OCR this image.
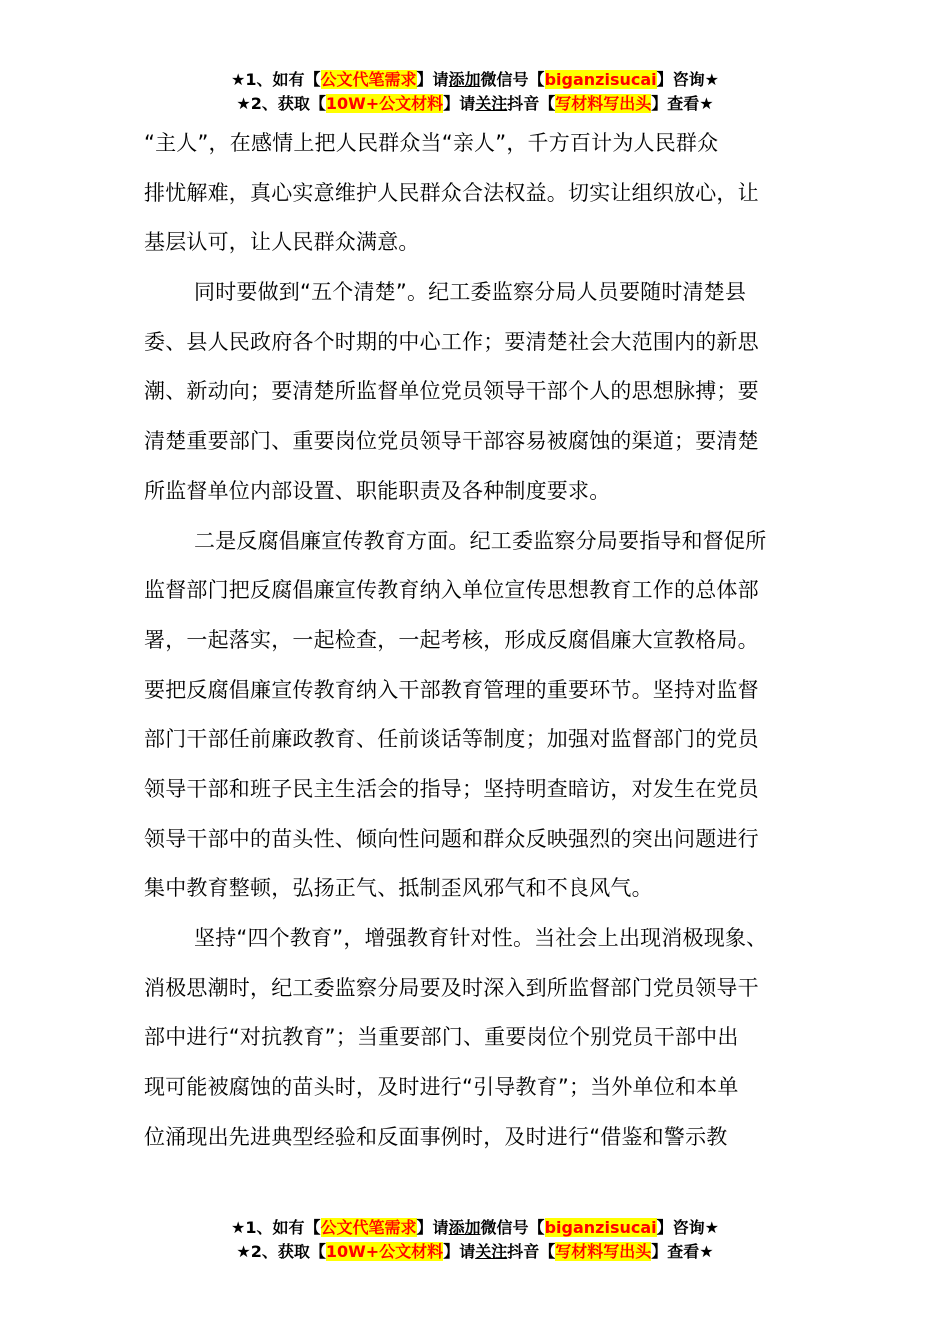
★1、如有【公文代笔需求】请添加微信号【biganzisucai】咨询★
★2、获取【10W+公文材料】请关注抖音【写材料写出头】查看★
“主人”，在感情上把人民群众当“亲人”，千方百计为人民群众
排忧解难，真心实意维护人民群众合法权益。切实让组织放心，让
基层认可，让人民群众满意。
同时要做到“五个清楚”。纪工委监察分局人员要随时清楚县
委、县人民政府各个时期的中心工作；要清楚社会大范围内的新思
潮、新动向；要清楚所监督单位党员领导干部个人的思想脉搏；要
清楚重要部门、重要岗位党员领导干部容易被腐蚀的渠道；要清楚
所监督单位内部设置、职能职责及各种制度要求。
二是反腐倡廉宣传教育方面。纪工委监察分局要指导和督促所
监督部门把反腐倡廉宣传教育纳入单位宣传思想教育工作的总体部
署，一起落实，一起检查，一起考核，形成反腐倡廉大宣教格局。
要把反腐倡廉宣传教育纳入干部教育管理的重要环节。坚持对监督
部门干部任前廉政教育、任前谈话等制度；加强对监督部门的党员
领导干部和班子民主生活会的指导；坚持明查暗访，对发生在党员
领导干部中的苗头性、倾向性问题和群众反映强烈的突出问题进行
集中教育整顿，弘扬正气、抵制歪风邪气和不良风气。
坚持“四个教育”，增强教育针对性。当社会上出现消极现象、
消极思潮时，纪工委监察分局要及时深入到所监督部门党员领导干
部中进行“对抗教育”；当重要部门、重要岗位个别党员干部中出
现可能被腐蚀的苗头时，及时进行“引导教育”；当外单位和本单
位涌现出先进典型经验和反面事例时，及时进行“借鉴和警示教
★1、如有【公文代笔需求】请添加微信号【biganzisucai】咨询★
★2、获取【10W+公文材料】请关注抖音【写材料写出头】查看★
